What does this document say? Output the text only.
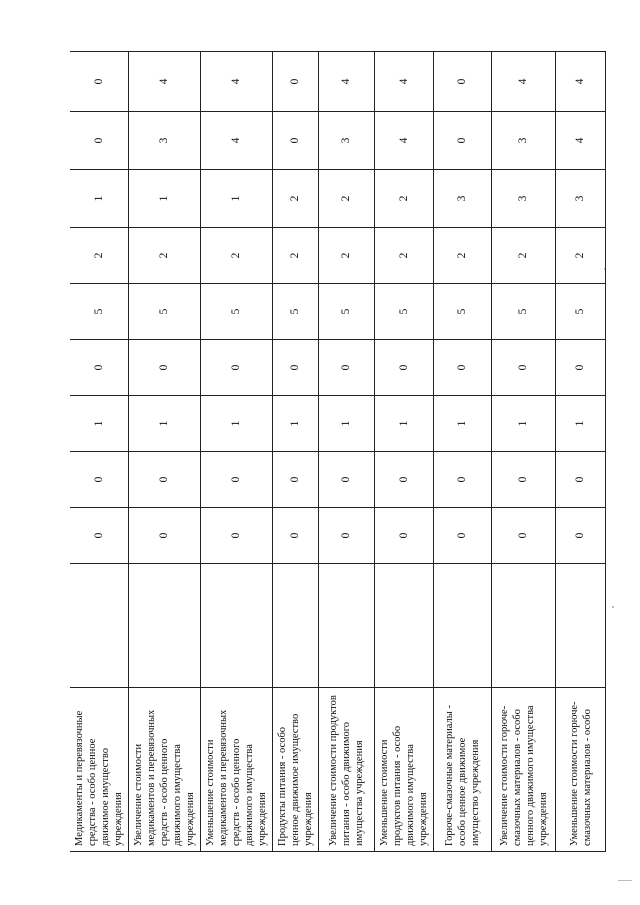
Медикаменты и перевязочные средства - особо ценное движимое имущество учреждения		0	0	1	0	5	2	1	0	0	
Увеличение стоимости медикаментов и перевязочных средств - особо ценного движимого имущества учреждения		0	0	1	0	5	2	1	3	4	
Уменьшение стоимости медикаментов и перевязочных средств - особо ценного движимого имущества учреждения		0	0	1	0	5	2	1	4	4	
Продукты питания - особо ценное движимое имущество учреждения		0	0	1	0	5	2	2	0	0	
Увеличение стоимости продуктов питания - особо движимого имущества учреждения		0	0	1	0	5	2	2	3	4	
Уменьшение стоимости продуктов питания - особо движимого имущества учреждения		0	0	1	0	5	2	2	4	4	
Горюче-смазочные материалы - особо ценное движимое имущество учреждения		0	0	1	0	5	2	3	0	0	
Увеличение стоимости горюче-смазочных материалов - особо ценного движимого имущества учреждения		0	0	1	0	5	2	3	3	4	
Уменьшение стоимости горюче-смазочных материалов - особо		0	0	1	0	5	2	3	4	4	
